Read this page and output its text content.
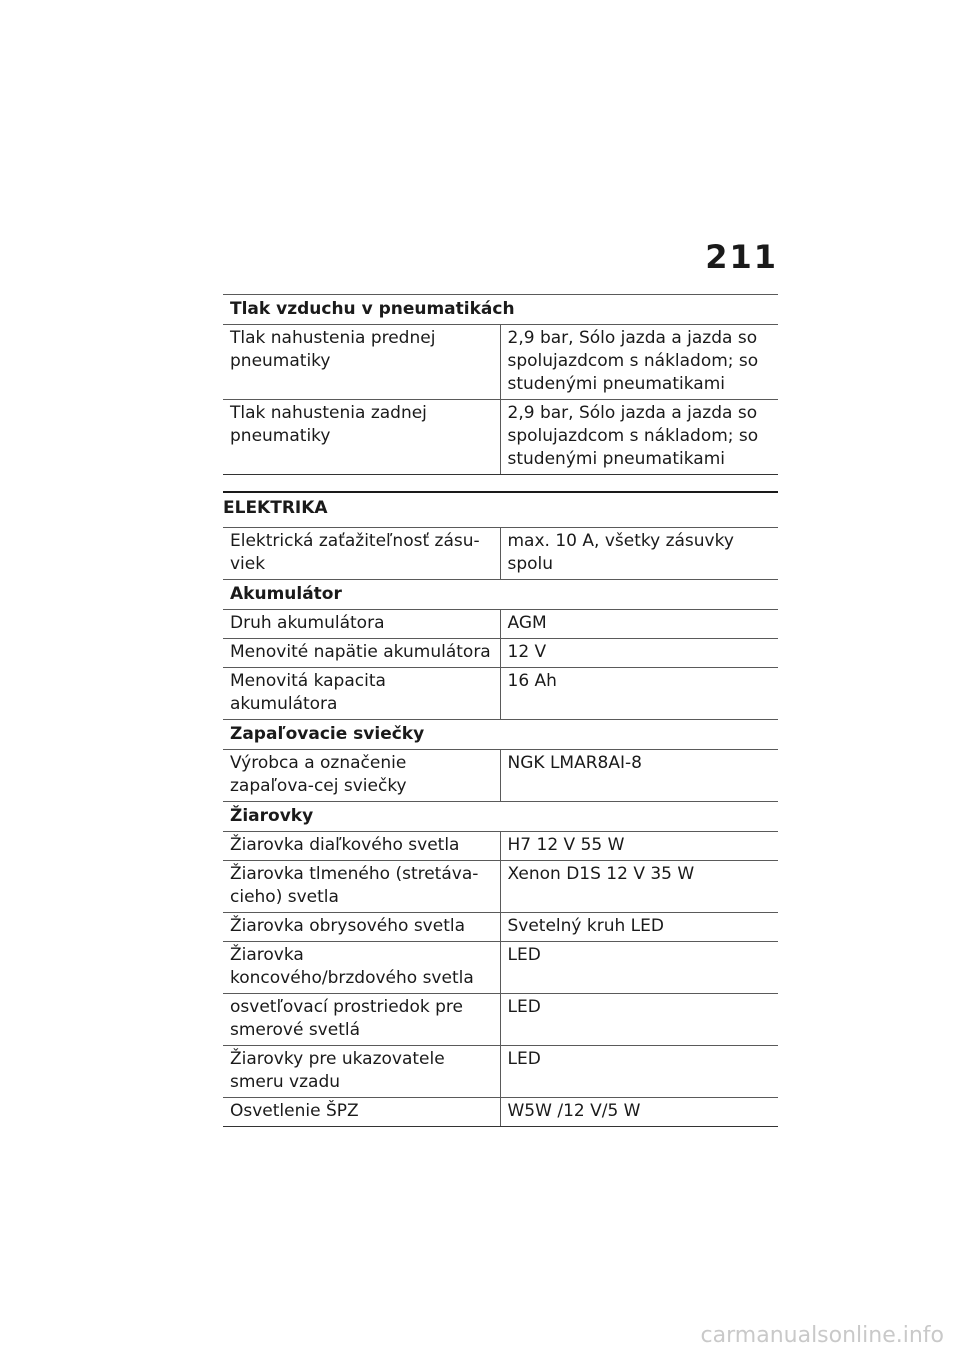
211
Tlak vzduchu v pneumatikách	
Tlak nahustenia prednej pneumatiky	2,9 bar, Sólo jazda a jazda so spolujazdcom s nákladom; so studenými pneumatikami
Tlak nahustenia zadnej pneumatiky	2,9 bar, Sólo jazda a jazda so spolujazdcom s nákladom; so studenými pneumatikami
ELEKTRIKA
Elektrická zaťažiteľnosť zásu-viek	max. 10 A, všetky zásuvky spolu
Akumulátor	
Druh akumulátora	AGM
Menovité napätie akumulátora	12 V
Menovitá kapacita akumulátora	16 Ah
Zapaľovacie sviečky	
Výrobca a označenie zapaľova-cej sviečky	NGK LMAR8AI-8
Žiarovky	
Žiarovka diaľkového svetla	H7 12 V 55 W
Žiarovka tlmeného (stretáva-cieho) svetla	Xenon D1S 12 V 35 W
Žiarovka obrysového svetla	Svetelný kruh LED
Žiarovka koncového/brzdového svetla	LED
osvetľovací prostriedok pre smerové svetlá	LED
Žiarovky pre ukazovatele smeru vzadu	LED
Osvetlenie ŠPZ	W5W /12 V/5 W
carmanualsonline.info
